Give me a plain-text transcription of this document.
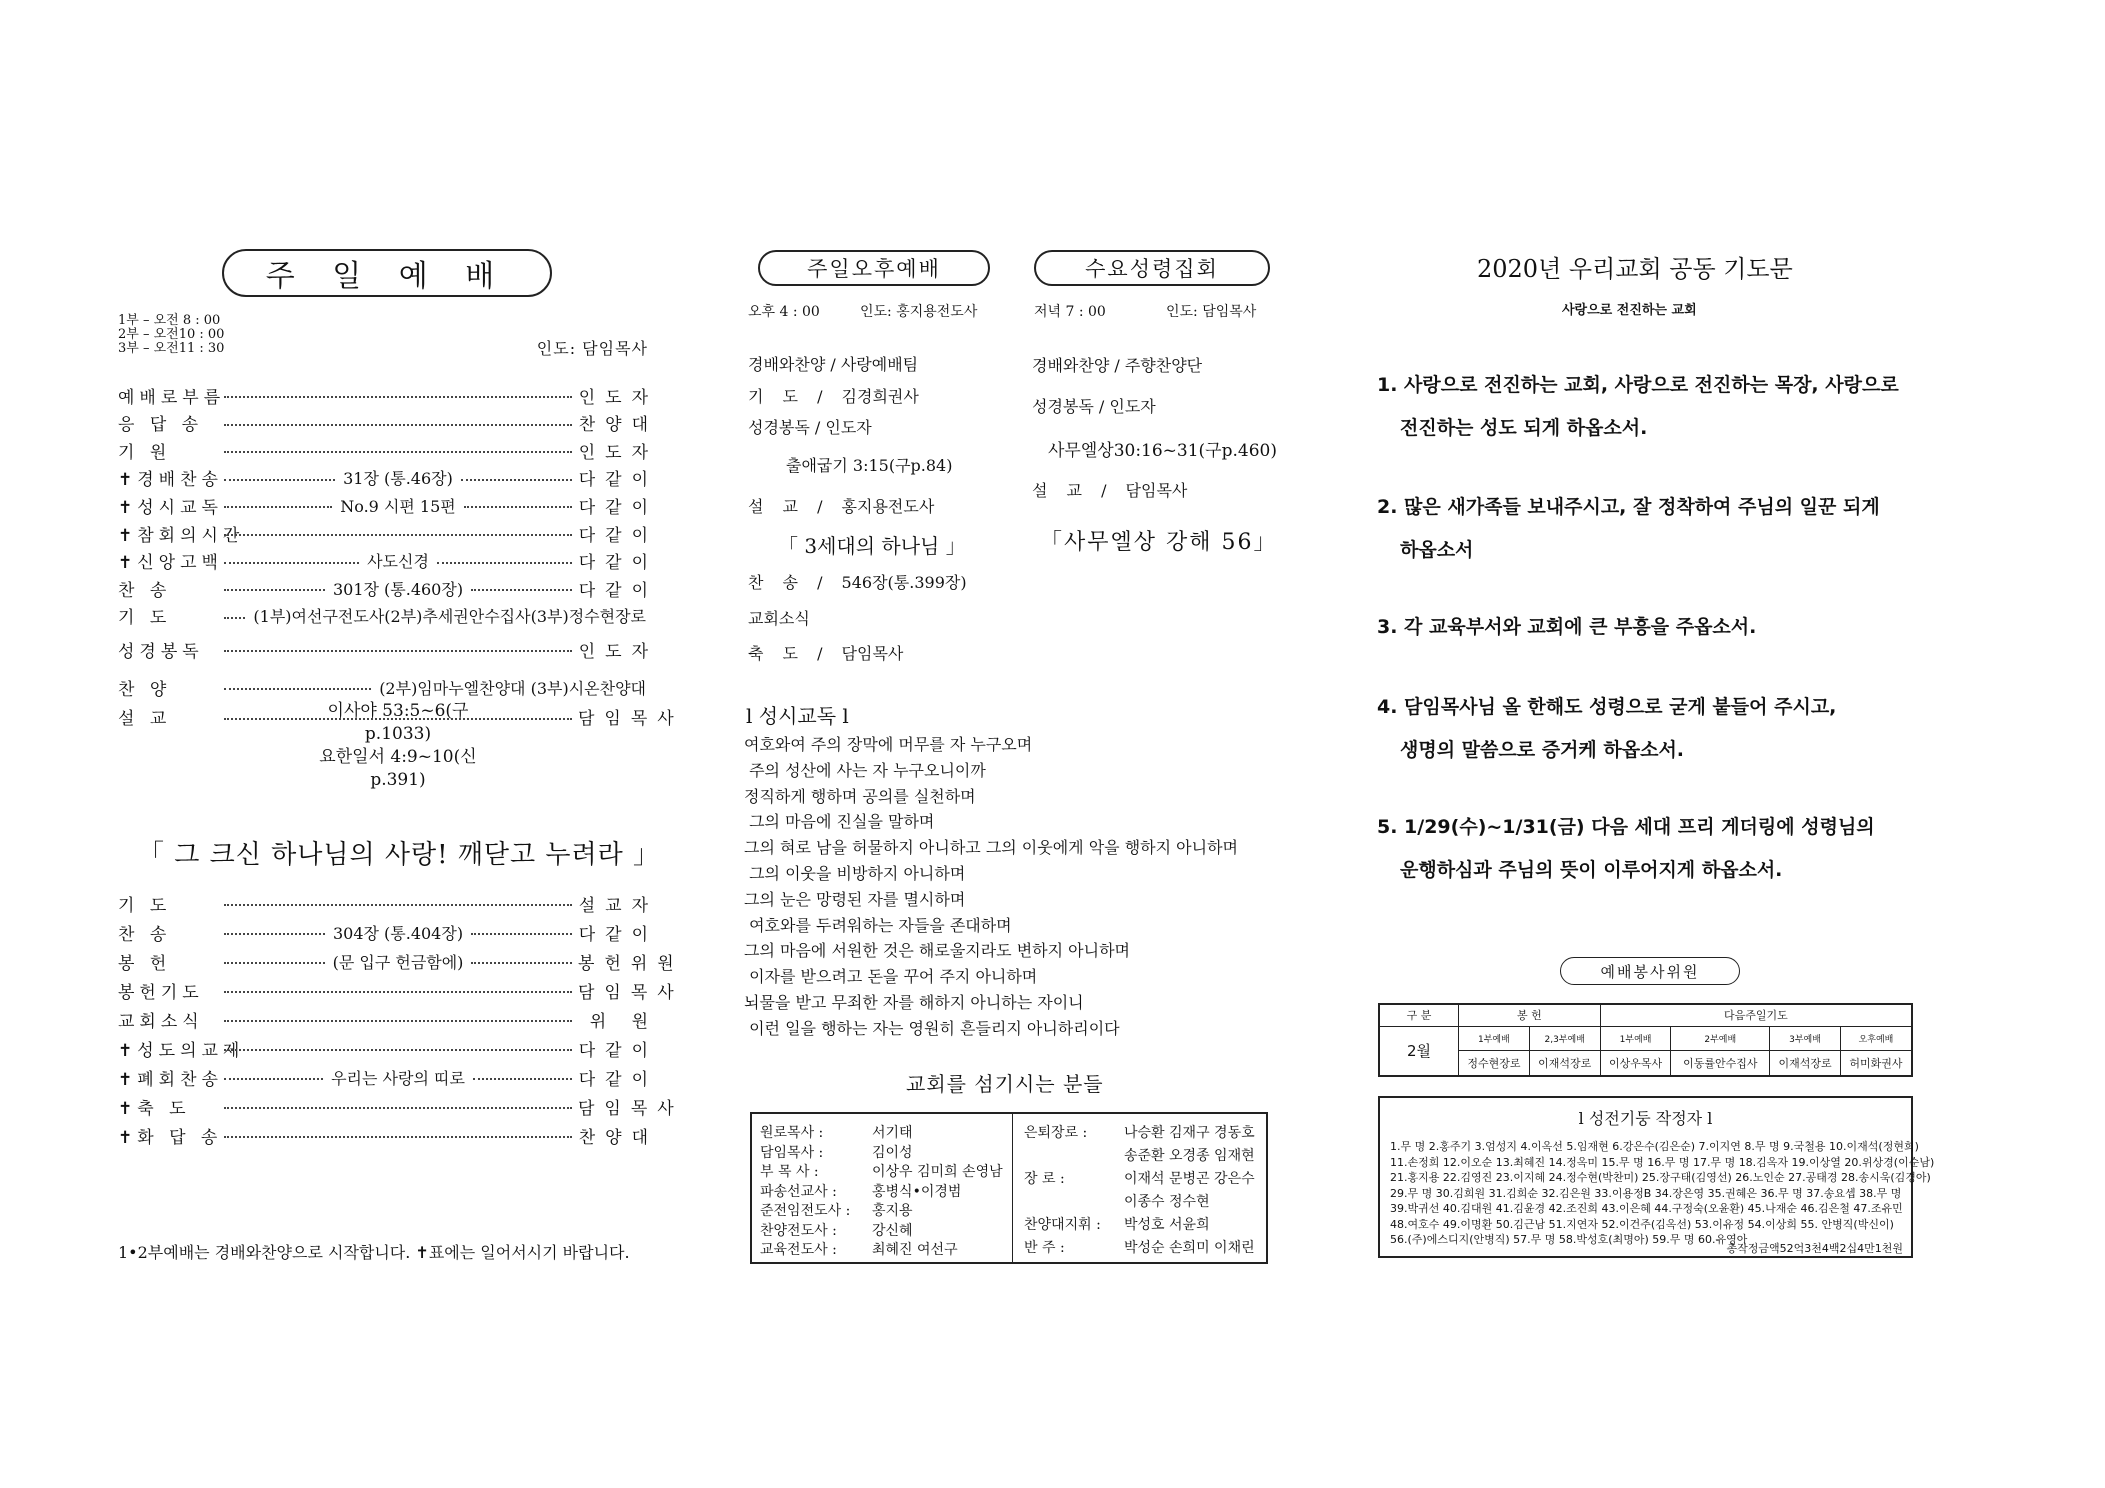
주 일 예 배
1부 – 오전 8 : 00
2부 – 오전10 : 00
3부 – 오전11 : 30	인도: 담임목사
예배로부름	인도자
응 답 송	찬양대
기 원	인도자
✝경배찬송	31장 (통.46장)	다같이
✝성시교독	No.9 시편 15편	다같이
✝참회의시간	다같이
✝신앙고백	사도신경	다같이
찬 송	301장 (통.460장)	다같이
기 도	(1부)여선구전도사(2부)추세권안수집사(3부)정수현장로
성경봉독	인도자
찬 양	(2부)임마누엘찬양대 (3부)시온찬양대
설 교	담임목사
이사야 53:5~6(구p.1033)
요한일서 4:9~10(신p.391)
「 그 크신 하나님의 사랑! 깨닫고 누려라 」
기 도	설교자
찬 송	304장 (통.404장)	다같이
봉 헌	(문 입구 헌금함에)	봉헌위원
봉헌기도	담임목사
교회소식	위 원
✝성도의교제	다같이
✝폐회찬송	우리는 사랑의 띠로	다같이
✝축 도	담임목사
✝화 답 송	찬양대
1•2부예배는 경배와찬양으로 시작합니다. ✝표에는 일어서시기 바랍니다.
주일오후예배	수요성령집회
오후 4 : 00	인도: 홍지용전도사	저녁 7 : 00	인도: 담임목사
경배와찬양 / 사랑예배팀
기 도 / 김경희권사
성경봉독 / 인도자
출애굽기 3:15(구p.84)
설 교 / 홍지용전도사
「 3세대의 하나님 」
찬 송 / 546장(통.399장)
교회소식
축 도 / 담임목사
경배와찬양 / 주향찬양단
성경봉독 / 인도자
사무엘상30:16~31(구p.460)
설 교 / 담임목사
「사무엘상 강해 56」
l 성시교독 l
여호와여 주의 장막에 머무를 자 누구오며
주의 성산에 사는 자 누구오니이까
정직하게 행하며 공의를 실천하며
그의 마음에 진실을 말하며
그의 혀로 남을 허물하지 아니하고 그의 이웃에게 악을 행하지 아니하며
그의 이웃을 비방하지 아니하며
그의 눈은 망령된 자를 멸시하며
여호와를 두려워하는 자들을 존대하며
그의 마음에 서원한 것은 해로울지라도 변하지 아니하며
이자를 받으려고 돈을 꾸어 주지 아니하며
뇌물을 받고 무죄한 자를 해하지 아니하는 자이니
이런 일을 행하는 자는 영원히 흔들리지 아니하리이다
교회를 섬기시는 분들
원로목사 :	서기태
담임목사 :	김이성
부 목 사 :	이상우 김미희 손영남
파송선교사 :	홍병식•이경범
준전임전도사 : 홍지용
찬양전도사 :	강신혜
교육전도사 :	최혜진 여선구
은퇴장로 :	나승환 김재구 경동호
송준환 오경종 임재현
장 로 :	이재석 문병곤 강은수
이종수 정수현
찬양대지휘 : 박성호 서윤희
반 주 :	박성순 손희미 이채린
2020년 우리교회 공동 기도문
사랑으로 전진하는 교회
1. 사랑으로 전진하는 교회, 사랑으로 전진하는 목장, 사랑으로
전진하는 성도 되게 하옵소서.
2. 많은 새가족들 보내주시고, 잘 정착하여 주님의 일꾼 되게
하옵소서
3. 각 교육부서와 교회에 큰 부흥을 주옵소서.
4. 담임목사님 올 한해도 성령으로 굳게 붙들어 주시고,
생명의 말씀으로 증거케 하옵소서.
5. 1/29(수)~1/31(금) 다음 세대 프리 게더링에 성령님의
운행하심과 주님의 뜻이 이루어지게 하옵소서.
예배봉사위원
구 분	봉 헌		다음주일기도			
2월	1부예배	2,3부예배	1부예배	2부예배	3부예배	오후예배
	정수현장로	이재석장로	이상우목사	이동률안수집사	이재석장로	허미화권사
l 성전기둥 작정자 l
1.무 명 2.홍주기 3.엄성지 4.이옥선 5.임재현 6.강은수(김은순) 7.이지연 8.무 명 9.국철용 10.이재석(정현희)
11.손정희 12.이오순 13.최혜진 14.정옥미 15.무 명 16.무 명 17.무 명 18.김옥자 19.이상열 20.위상경(이순남)
21.홍지용 22.김영진 23.이지혜 24.정수현(박찬미) 25.장구태(김영선) 26.노인순 27.공태경 28.송시욱(김경아)
29.무 명 30.김희원 31.김희순 32.김은원 33.이용정B 34.장은영 35.권혜은 36.무 명 37.송요셉 38.무 명
39.박귀선 40.김대원 41.김윤경 42.조진희 43.이은혜 44.구정숙(오윤환) 45.나재순 46.김은철 47.조유민
48.여호수 49.이명환 50.김근남 51.지연자 52.이건주(김옥선) 53.이유정 54.이상희 55. 안병직(박신이)
56.(주)에스디지(안병직) 57.무 명 58.박성호(최명아) 59.무 명 60.유영아
총작정금액52억3천4백2십4만1천원
